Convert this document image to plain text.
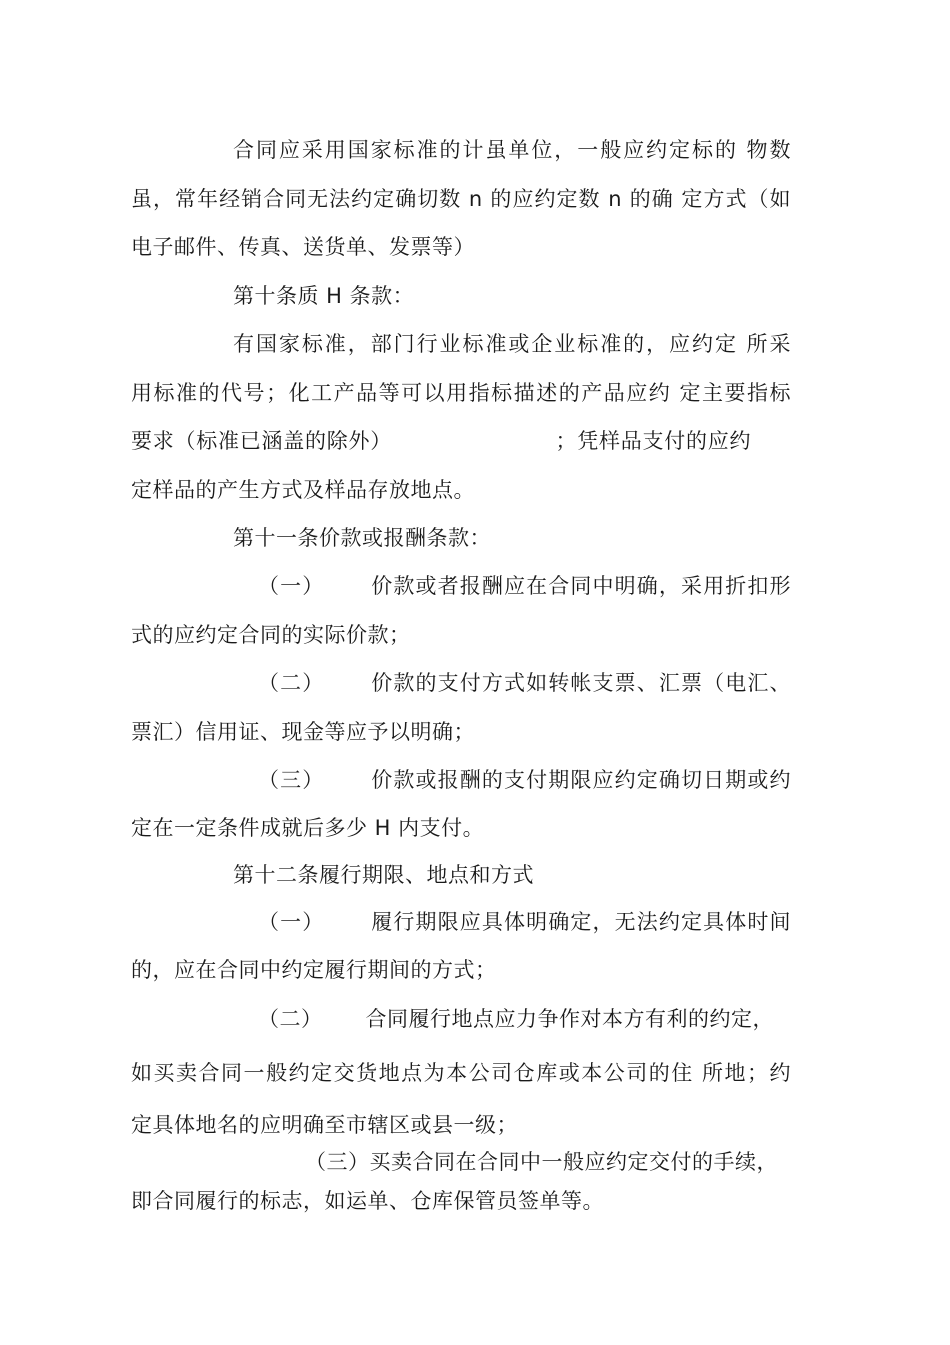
合同应采用国家标准的计虽单位，一般应约定标的 物数
虽，常年经销合同无法约定确切数 n 的应约定数 n 的确 定方式（如
电子邮件、传真、送货单、发票等）
第十条质 H 条款：
有国家标准，部门行业标准或企业标准的，应约定 所采
用标准的代号；化工产品等可以用指标描述的产品应约 定主要指标
要求（标准已涵盖的除外）                      ；凭样品支付的应约
定样品的产生方式及样品存放地点。
第十一条价款或报酬条款：
（一）      价款或者报酬应在合同中明确，采用折扣形
式的应约定合同的实际价款；
（二）      价款的支付方式如转帐支票、汇票（电汇、
票汇）信用证、现金等应予以明确；
（三）      价款或报酬的支付期限应约定确切日期或约
定在一定条件成就后多少 H 内支付。
第十二条履行期限、地点和方式
（一）      履行期限应具体明确定，无法约定具体时间
的，应在合同中约定履行期间的方式；
（二）      合同履行地点应力争作对本方有利的约定，
如买卖合同一般约定交货地点为本公司仓库或本公司的住 所地；约
定具体地名的应明确至市辖区或县一级；
（三）买卖合同在合同中一般应约定交付的手续，
即合同履行的标志，如运单、仓库保管员签单等。
